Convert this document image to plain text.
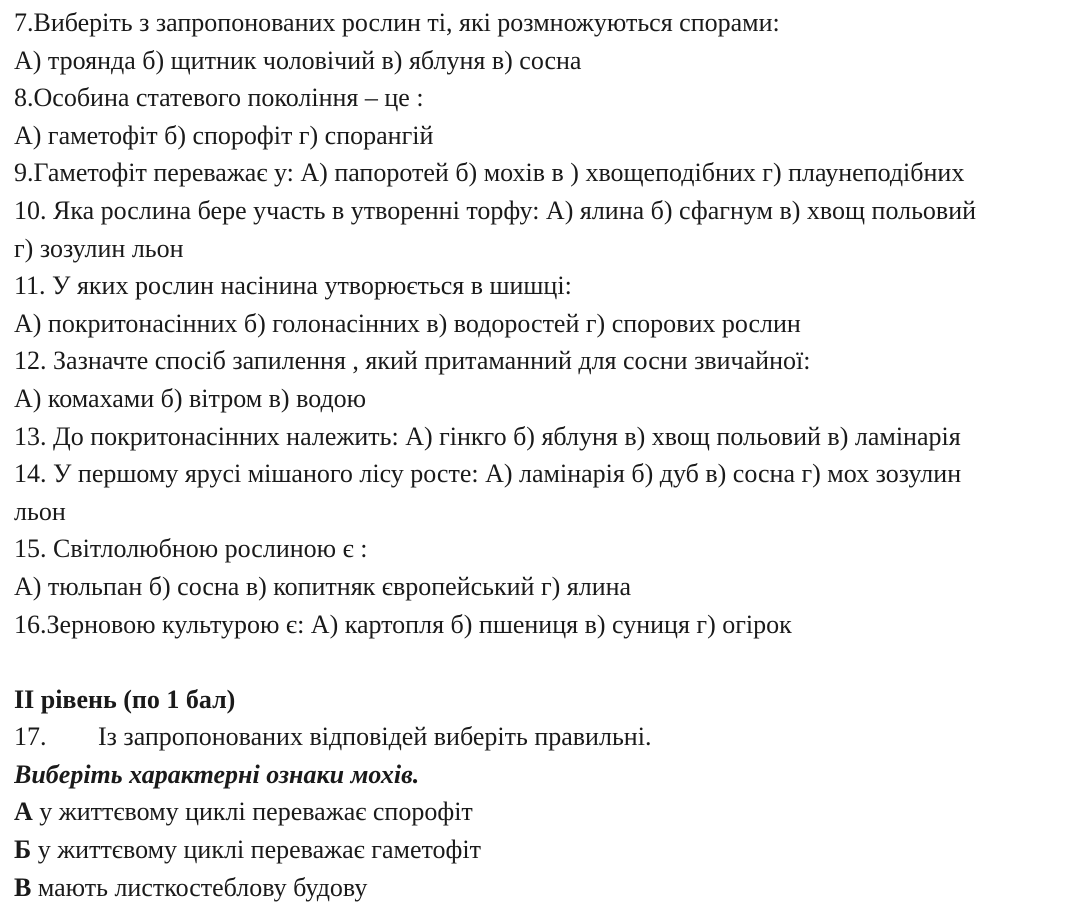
7.Виберіть з запропонованих рослин ті, які розмножуються спорами:
А) троянда б) щитник чоловічий в) яблуня в) сосна
8.Особина статевого покоління – це :
А) гаметофіт б) спорофіт г) спорангій
9.Гаметофіт переважає у: А) папоротей б) мохів в ) хвощеподібних г) плаунеподібних
10. Яка рослина бере участь в утворенні торфу: А) ялина б) сфагнум в) хвощ польовий
г) зозулин льон
11. У яких рослин насінина утворюється в шишці:
А) покритонасінних б) голонасінних в) водоростей г) спорових рослин
12. Зазначте спосіб запилення , який притаманний для сосни звичайної:
А) комахами б) вітром в) водою
13. До покритонасінних належить: А) гінкго б) яблуня в) хвощ польовий в) ламінарія
14. У першому ярусі мішаного лісу росте: А) ламінарія б) дуб в) сосна г) мох зозулин
льон
15. Світлолюбною рослиною є :
А) тюльпан б) сосна в) копитняк європейський г) ялина
16.Зерновою культурою є: А) картопля б) пшениця в) суниця г) огірок
ІІ рівень (по 1 бал)
17. Із запропонованих відповідей виберіть правильні.
Виберіть характерні ознаки мохів.
А у життєвому циклі переважає спорофіт
Б у життєвому циклі переважає гаметофіт
В мають листкостеблову будову
